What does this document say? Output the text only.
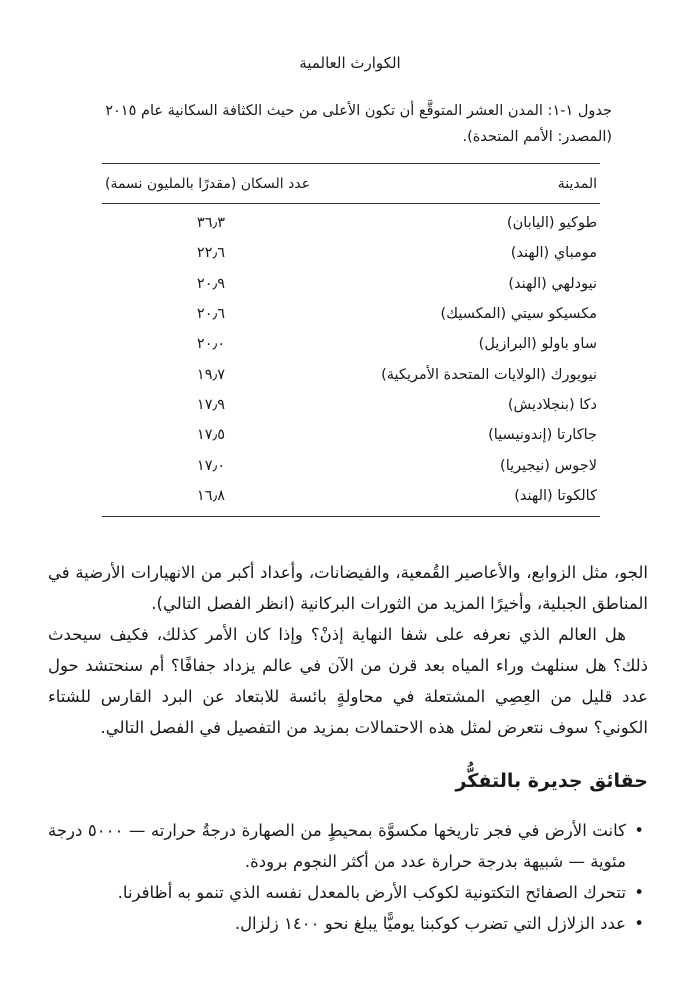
الكوارث العالمية
جدول ١-١: المدن العشر المتوقَّع أن تكون الأعلى من حيث الكثافة السكانية عام ٢٠١٥ (المصدر: الأمم المتحدة).
المدينة
عدد السكان (مقدرًا بالمليون نسمة)
طوكيو (اليابان)
٣٦٫٣
مومباي (الهند)
٢٢٫٦
نيودلهي (الهند)
٢٠٫٩
مكسيكو سيتي (المكسيك)
٢٠٫٦
ساو باولو (البرازيل)
٢٠٫٠
نيويورك (الولايات المتحدة الأمريكية)
١٩٫٧
دكا (بنجلاديش)
١٧٫٩
جاكارتا (إندونيسيا)
١٧٫٥
لاجوس (نيجيريا)
١٧٫٠
كالكوتا (الهند)
١٦٫٨

الجو، مثل الزوابع، والأعاصير القُمعية، والفيضانات، وأعداد أكبر من الانهيارات الأرضية في المناطق الجبلية، وأخيرًا المزيد من الثورات البركانية (انظر الفصل التالي).

هل العالم الذي نعرفه على شفا النهاية إذنْ؟ وإذا كان الأمر كذلك، فكيف سيحدث ذلك؟ هل سنلهث وراء المياه بعد قرن من الآن في عالم يزداد جفافًا؟ أم سنحتشد حول عدد قليل من العِصِي المشتعلة في محاولةٍ بائسة للابتعاد عن البرد القارس للشتاء الكوني؟ سوف نتعرض لمثل هذه الاحتمالات بمزيد من التفصيل في الفصل التالي.

حقائق جديرة بالتفكُّر
•
كانت الأرض في فجر تاريخها مكسوَّة بمحيطٍ من الصهارة درجةُ حرارته — ٥٠٠٠ درجة مئوية — شبيهة بدرجة حرارة عدد من أكثر النجوم برودة.
•
تتحرك الصفائح التكتونية لكوكب الأرض بالمعدل نفسه الذي تنمو به أظافرنا.
•
عدد الزلازل التي تضرب كوكبنا يوميًّا يبلغ نحو ١٤٠٠ زلزال.
